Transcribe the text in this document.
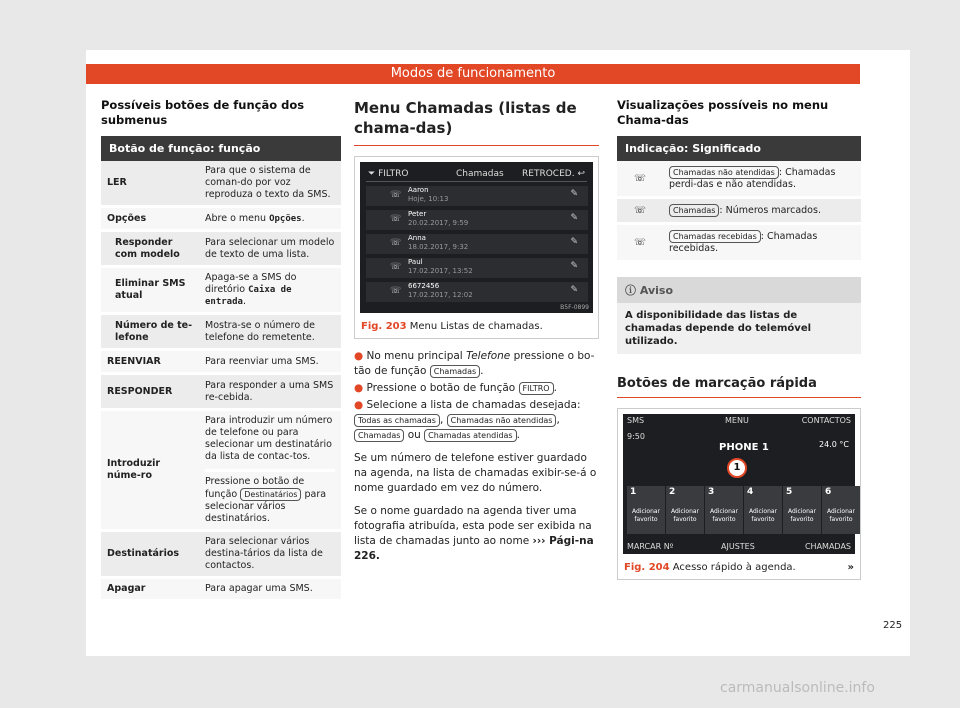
Modos de funcionamento

Possíveis botões de função dos submenus

Botão de função: função	
LER	Para que o sistema de coman-do por voz reproduza o texto da SMS.
Opções	Abre o menu Opções.
Responder com modelo	Para selecionar um modelo de texto de uma lista.
Eliminar SMS atual	Apaga-se a SMS do diretório Caixa de entrada.
Número de te-lefone	Mostra-se o número de telefone do remetente.
REENVIAR	Para reenviar uma SMS.
RESPONDER	Para responder a uma SMS re-cebida.
Introduzir núme-ro	Para introduzir um número de telefone ou para selecionar um destinatário da lista de contac-tos.
Pressione o botão de função Destinatários para selecionar vários destinatários.

Destinatários	Para selecionar vários destina-tários da lista de contactos.
Apagar	Para apagar uma SMS.

Menu Chamadas (listas de chama-das)

⏷ FILTRO	Chamadas RETROCED. ↩
☏ Aaron
Hoje, 10:13	✎
☏ Peter
20.02.2017, 9:59	✎
☏ Anna
18.02.2017, 9:32	✎
☏ Paul
17.02.2017, 13:52	✎
☏ 6672456
17.02.2017, 12:02	✎
B5F-0899
Fig. 203 Menu Listas de chamadas.
● No menu principal Telefone pressione o bo-tão de função Chamadas .
● Pressione o botão de função FILTRO .
● Selecione a lista de chamadas desejada: Todas as chamadas , Chamadas não atendidas , Chamadas ou Chamadas atendidas .

Se um número de telefone estiver guardado na agenda, na lista de chamadas exibir-se-á o nome guardado em vez do número.

Se o nome guardado na agenda tiver uma fotografia atribuída, esta pode ser exibida na lista de chamadas junto ao nome ››› Pági-na 226.

Visualizações possíveis no menu Chama-das

Indicação: Significado	
☏	Chamadas não atendidas : Chamadas perdi-das e não atendidas.
☏	Chamadas : Números marcados.
☏	Chamadas recebidas : Chamadas recebidas.
ⓘ Aviso
A disponibilidade das listas de chamadas depende do telemóvel utilizado.
Botões de marcação rápida
SMS	MENU	CONTACTOS
9:50
PHONE 1	24.0 °C
1
1
Adicionar favorito
2
Adicionar favorito
3
Adicionar favorito
4
Adicionar favorito
5
Adicionar favorito
6
Adicionar favorito
MARCAR Nº	AJUSTES	CHAMADAS
Fig. 204 Acesso rápido à agenda.	»
225
carmanualsonline.info
